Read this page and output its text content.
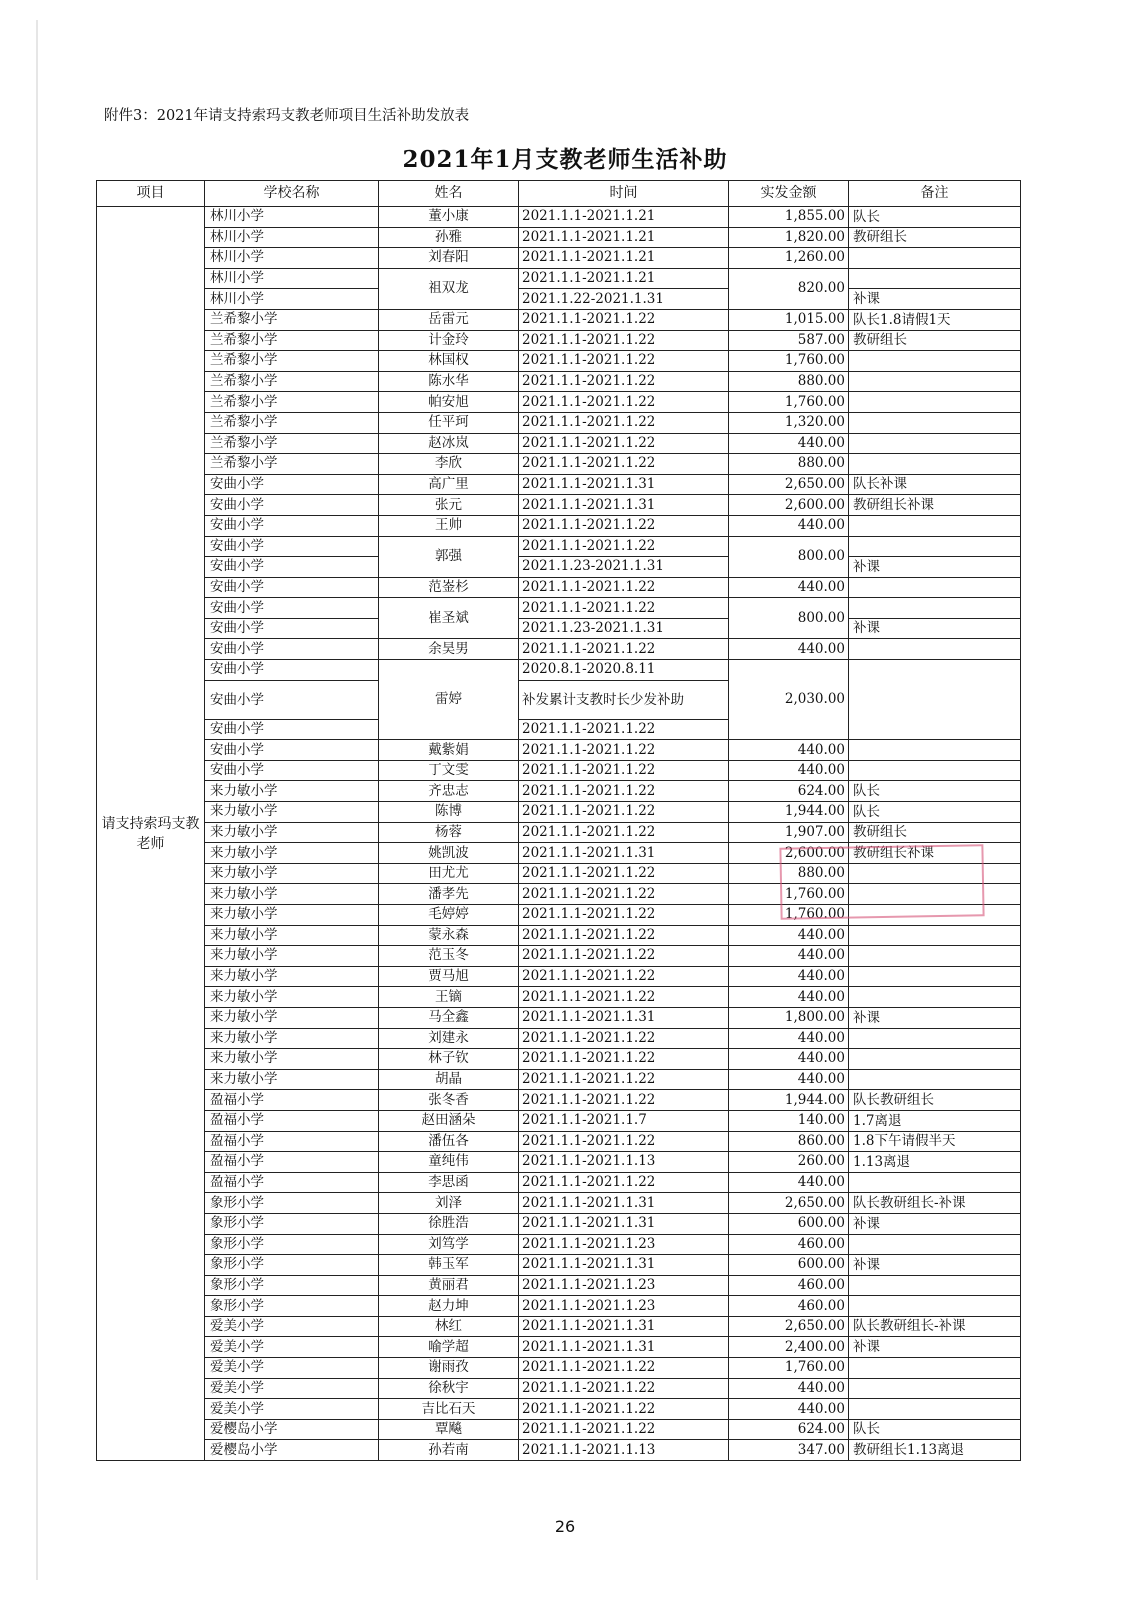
附件3：2021年请支持索玛支教老师项目生活补助发放表
2021年1月支教老师生活补助
项目	学校名称	姓名	时间	实发金额	备注
请支持索玛支教老师	林川小学	董小康	2021.1.1-2021.1.21	1,855.00	队长
	林川小学	孙雅	2021.1.1-2021.1.21	1,820.00	教研组长
	林川小学	刘春阳	2021.1.1-2021.1.21	1,260.00	
	林川小学	祖双龙	2021.1.1-2021.1.21	820.00	
	林川小学		2021.1.22-2021.1.31		补课
	兰希黎小学	岳雷元	2021.1.1-2021.1.22	1,015.00	队长1.8请假1天
	兰希黎小学	计金玲	2021.1.1-2021.1.22	587.00	教研组长
	兰希黎小学	林国权	2021.1.1-2021.1.22	1,760.00	
	兰希黎小学	陈水华	2021.1.1-2021.1.22	880.00	
	兰希黎小学	帕安旭	2021.1.1-2021.1.22	1,760.00	
	兰希黎小学	任平珂	2021.1.1-2021.1.22	1,320.00	
	兰希黎小学	赵冰岚	2021.1.1-2021.1.22	440.00	
	兰希黎小学	李欣	2021.1.1-2021.1.22	880.00	
	安曲小学	高广里	2021.1.1-2021.1.31	2,650.00	队长补课
	安曲小学	张元	2021.1.1-2021.1.31	2,600.00	教研组长补课
	安曲小学	王帅	2021.1.1-2021.1.22	440.00	
	安曲小学	郭强	2021.1.1-2021.1.22	800.00	
	安曲小学		2021.1.23-2021.1.31		补课
	安曲小学	范崟杉	2021.1.1-2021.1.22	440.00	
	安曲小学	崔圣斌	2021.1.1-2021.1.22	800.00	
	安曲小学		2021.1.23-2021.1.31		补课
	安曲小学	余昊男	2021.1.1-2021.1.22	440.00	
	安曲小学	雷婷	2020.8.1-2020.8.11	2,030.00	
	安曲小学		补发累计支教时长少发补助		
	安曲小学		2021.1.1-2021.1.22		
	安曲小学	戴紫娟	2021.1.1-2021.1.22	440.00	
	安曲小学	丁文雯	2021.1.1-2021.1.22	440.00	
	来力敏小学	齐忠志	2021.1.1-2021.1.22	624.00	队长
	来力敏小学	陈博	2021.1.1-2021.1.22	1,944.00	队长
	来力敏小学	杨蓉	2021.1.1-2021.1.22	1,907.00	教研组长
	来力敏小学	姚凯波	2021.1.1-2021.1.31	2,600.00	教研组长补课
	来力敏小学	田尤尤	2021.1.1-2021.1.22	880.00	
	来力敏小学	潘孝先	2021.1.1-2021.1.22	1,760.00	
	来力敏小学	毛婷婷	2021.1.1-2021.1.22	1,760.00	
	来力敏小学	蒙永森	2021.1.1-2021.1.22	440.00	
	来力敏小学	范玉冬	2021.1.1-2021.1.22	440.00	
	来力敏小学	贾马旭	2021.1.1-2021.1.22	440.00	
	来力敏小学	王镝	2021.1.1-2021.1.22	440.00	
	来力敏小学	马全鑫	2021.1.1-2021.1.31	1,800.00	补课
	来力敏小学	刘建永	2021.1.1-2021.1.22	440.00	
	来力敏小学	林子钦	2021.1.1-2021.1.22	440.00	
	来力敏小学	胡晶	2021.1.1-2021.1.22	440.00	
	盈福小学	张冬香	2021.1.1-2021.1.22	1,944.00	队长教研组长
	盈福小学	赵田涵朵	2021.1.1-2021.1.7	140.00	1.7离退
	盈福小学	潘伍各	2021.1.1-2021.1.22	860.00	1.8下午请假半天
	盈福小学	童纯伟	2021.1.1-2021.1.13	260.00	1.13离退
	盈福小学	李思函	2021.1.1-2021.1.22	440.00	
	象形小学	刘泽	2021.1.1-2021.1.31	2,650.00	队长教研组长-补课
	象形小学	徐胜浩	2021.1.1-2021.1.31	600.00	补课
	象形小学	刘笃学	2021.1.1-2021.1.23	460.00	
	象形小学	韩玉军	2021.1.1-2021.1.31	600.00	补课
	象形小学	黄丽君	2021.1.1-2021.1.23	460.00	
	象形小学	赵力坤	2021.1.1-2021.1.23	460.00	
	爱美小学	林红	2021.1.1-2021.1.31	2,650.00	队长教研组长-补课
	爱美小学	喻学超	2021.1.1-2021.1.31	2,400.00	补课
	爱美小学	谢雨孜	2021.1.1-2021.1.22	1,760.00	
	爱美小学	徐秋宇	2021.1.1-2021.1.22	440.00	
	爱美小学	吉比石天	2021.1.1-2021.1.22	440.00	
	爱樱岛小学	覃飚	2021.1.1-2021.1.22	624.00	队长
	爱樱岛小学	孙若南	2021.1.1-2021.1.13	347.00	教研组长1.13离退
26
